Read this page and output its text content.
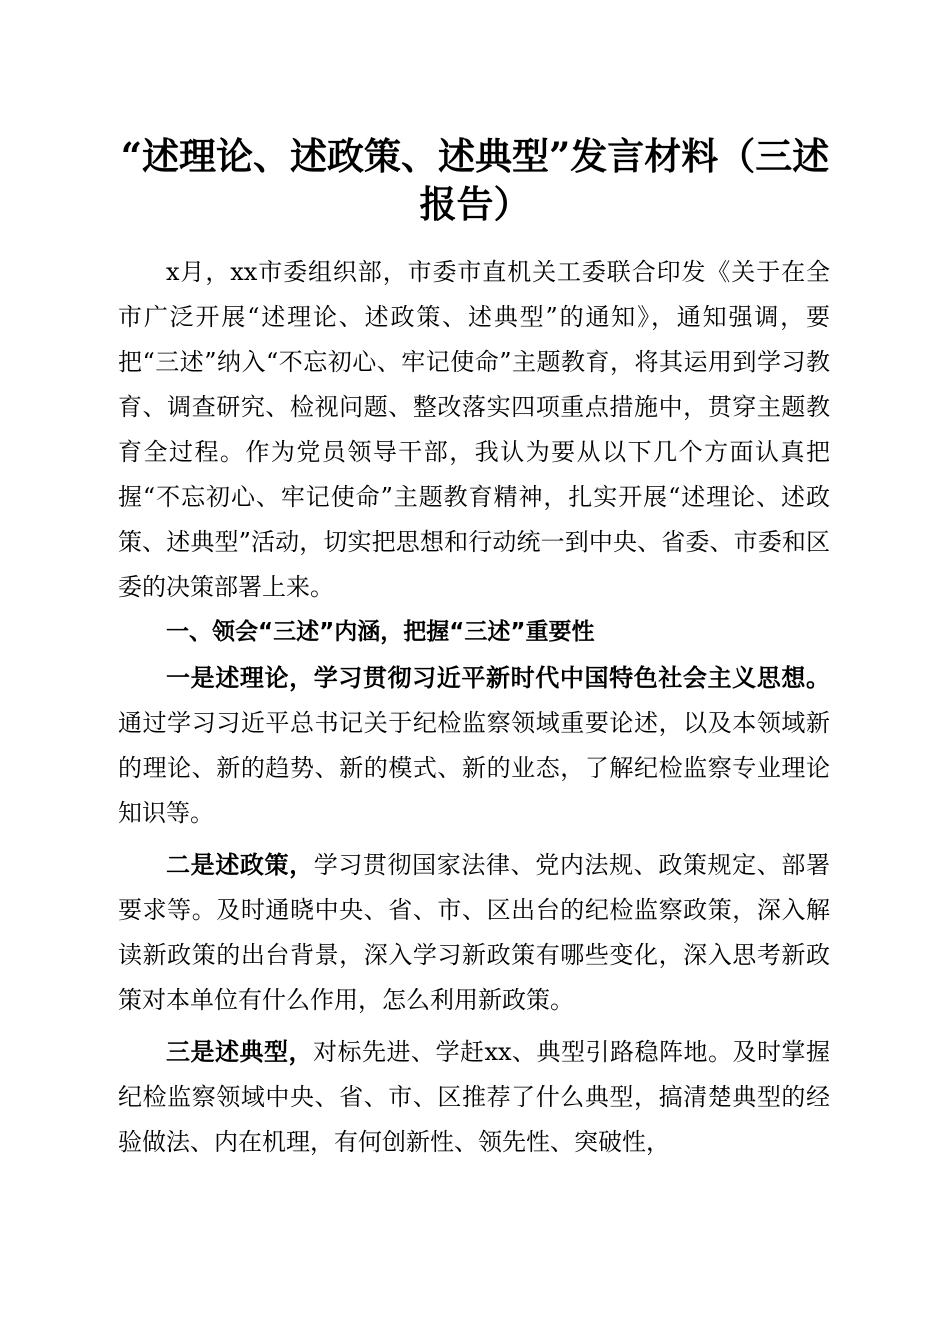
“述理论、述政策、述典型”发言材料（三述
报告）

x月，xx市委组织部，市委市直机关工委联合印发《关于在全市广泛开展“述理论、述政策、述典型”的通知》，通知强调，要把“三述”纳入“不忘初心、牢记使命”主题教育，将其运用到学习教育、调查研究、检视问题、整改落实四项重点措施中，贯穿主题教育全过程。作为党员领导干部，我认为要从以下几个方面认真把握“不忘初心、牢记使命”主题教育精神，扎实开展“述理论、述政策、述典型”活动，切实把思想和行动统一到中央、省委、市委和区委的决策部署上来。

一、领会“三述”内涵，把握“三述”重要性

一是述理论，学习贯彻习近平新时代中国特色社会主义思想。通过学习习近平总书记关于纪检监察领域重要论述，以及本领域新的理论、新的趋势、新的模式、新的业态，了解纪检监察专业理论知识等。

二是述政策，学习贯彻国家法律、党内法规、政策规定、部署要求等。及时通晓中央、省、市、区出台的纪检监察政策，深入解读新政策的出台背景，深入学习新政策有哪些变化，深入思考新政策对本单位有什么作用，怎么利用新政策。

三是述典型，对标先进、学赶xx、典型引路稳阵地。及时掌握纪检监察领域中央、省、市、区推荐了什么典型，搞清楚典型的经验做法、内在机理，有何创新性、领先性、突破性，
